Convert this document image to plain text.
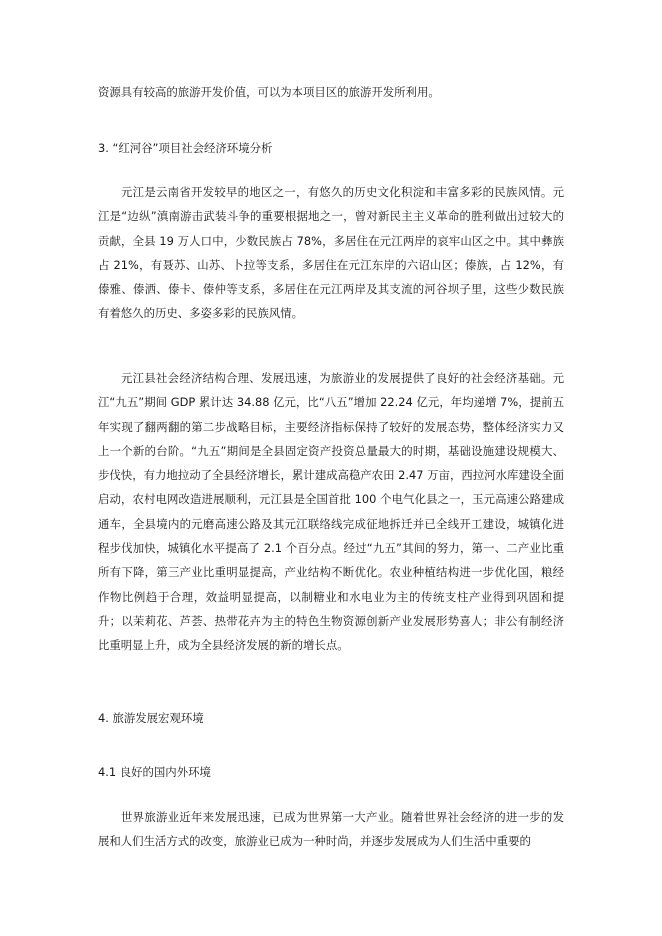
资源具有较高的旅游开发价值，可以为本项目区的旅游开发所利用。

3. “红河谷”项目社会经济环境分析

元江是云南省开发较早的地区之一，有悠久的历史文化积淀和丰富多彩的民族风情。元江是“边纵”滇南游击武装斗争的重要根据地之一，曾对新民主主义革命的胜利做出过较大的贡献，全县 19 万人口中，少数民族占 78%，多居住在元江两岸的哀牢山区之中。其中彝族占 21%，有聂苏、山苏、卜拉等支系，多居住在元江东岸的六诏山区；傣族，占 12%，有傣雅、傣洒、傣卡、傣仲等支系，多居住在元江两岸及其支流的河谷坝子里，这些少数民族有着悠久的历史、多姿多彩的民族风情。

元江县社会经济结构合理、发展迅速，为旅游业的发展提供了良好的社会经济基础。元江“九五”期间 GDP 累计达 34.88 亿元，比“八五”增加 22.24 亿元，年均递增 7%，提前五年实现了翻两翻的第二步战略目标，主要经济指标保持了较好的发展态势，整体经济实力又上一个新的台阶。“九五”期间是全县固定资产投资总量最大的时期，基础设施建设规模大、步伐快，有力地拉动了全县经济增长，累计建成高稳产农田 2.47 万亩，西拉河水库建设全面启动，农村电网改造进展顺利，元江县是全国首批 100 个电气化县之一，玉元高速公路建成通车，全县境内的元磨高速公路及其元江联络线完成征地拆迁并已全线开工建设，城镇化进程步伐加快，城镇化水平提高了 2.1 个百分点。经过“九五”其间的努力，第一、二产业比重所有下降，第三产业比重明显提高，产业结构不断优化。农业种植结构进一步优化国，粮经作物比例趋于合理，效益明显提高，以制糖业和水电业为主的传统支柱产业得到巩固和提升；以茉莉花、芦荟、热带花卉为主的特色生物资源创新产业发展形势喜人；非公有制经济比重明显上升，成为全县经济发展的新的增长点。

4. 旅游发展宏观环境

4.1 良好的国内外环境

世界旅游业近年来发展迅速，已成为世界第一大产业。随着世界社会经济的进一步的发展和人们生活方式的改变，旅游业已成为一种时尚，并逐步发展成为人们生活中重要的
